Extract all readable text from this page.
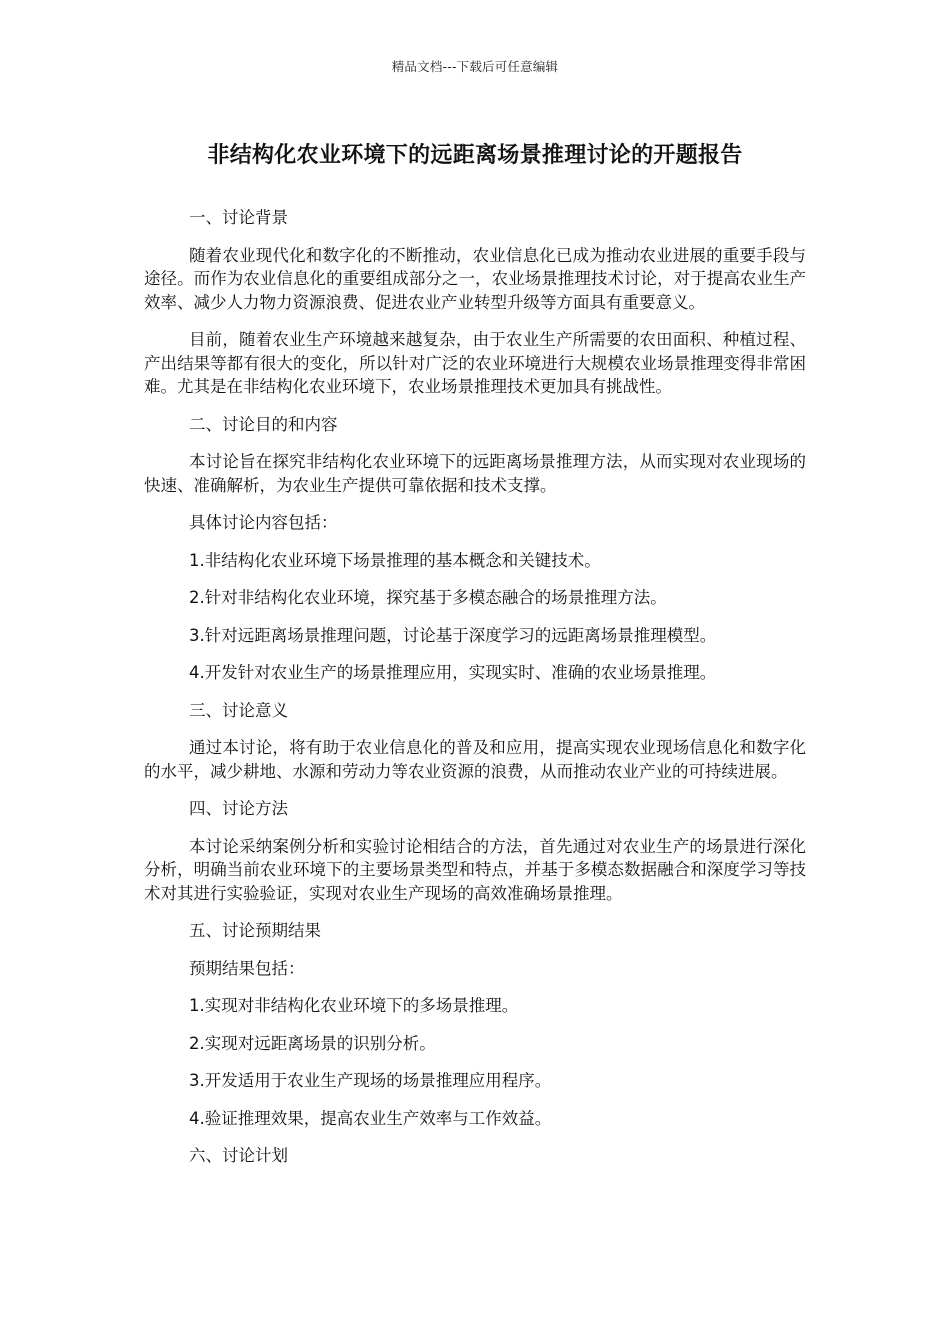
精品文档---下载后可任意编辑
非结构化农业环境下的远距离场景推理讨论的开题报告

一、讨论背景

随着农业现代化和数字化的不断推动，农业信息化已成为推动农业进展的重要手段与途径。而作为农业信息化的重要组成部分之一，农业场景推理技术讨论，对于提高农业生产效率、减少人力物力资源浪费、促进农业产业转型升级等方面具有重要意义。

目前，随着农业生产环境越来越复杂，由于农业生产所需要的农田面积、种植过程、产出结果等都有很大的变化，所以针对广泛的农业环境进行大规模农业场景推理变得非常困难。尤其是在非结构化农业环境下，农业场景推理技术更加具有挑战性。

二、讨论目的和内容

本讨论旨在探究非结构化农业环境下的远距离场景推理方法，从而实现对农业现场的快速、准确解析，为农业生产提供可靠依据和技术支撑。

具体讨论内容包括：

1.非结构化农业环境下场景推理的基本概念和关键技术。

2.针对非结构化农业环境，探究基于多模态融合的场景推理方法。

3.针对远距离场景推理问题，讨论基于深度学习的远距离场景推理模型。

4.开发针对农业生产的场景推理应用，实现实时、准确的农业场景推理。

三、讨论意义

通过本讨论，将有助于农业信息化的普及和应用，提高实现农业现场信息化和数字化的水平，减少耕地、水源和劳动力等农业资源的浪费，从而推动农业产业的可持续进展。

四、讨论方法

本讨论采纳案例分析和实验讨论相结合的方法，首先通过对农业生产的场景进行深化分析，明确当前农业环境下的主要场景类型和特点，并基于多模态数据融合和深度学习等技术对其进行实验验证，实现对农业生产现场的高效准确场景推理。

五、讨论预期结果

预期结果包括：

1.实现对非结构化农业环境下的多场景推理。

2.实现对远距离场景的识别分析。

3.开发适用于农业生产现场的场景推理应用程序。

4.验证推理效果，提高农业生产效率与工作效益。

六、讨论计划
